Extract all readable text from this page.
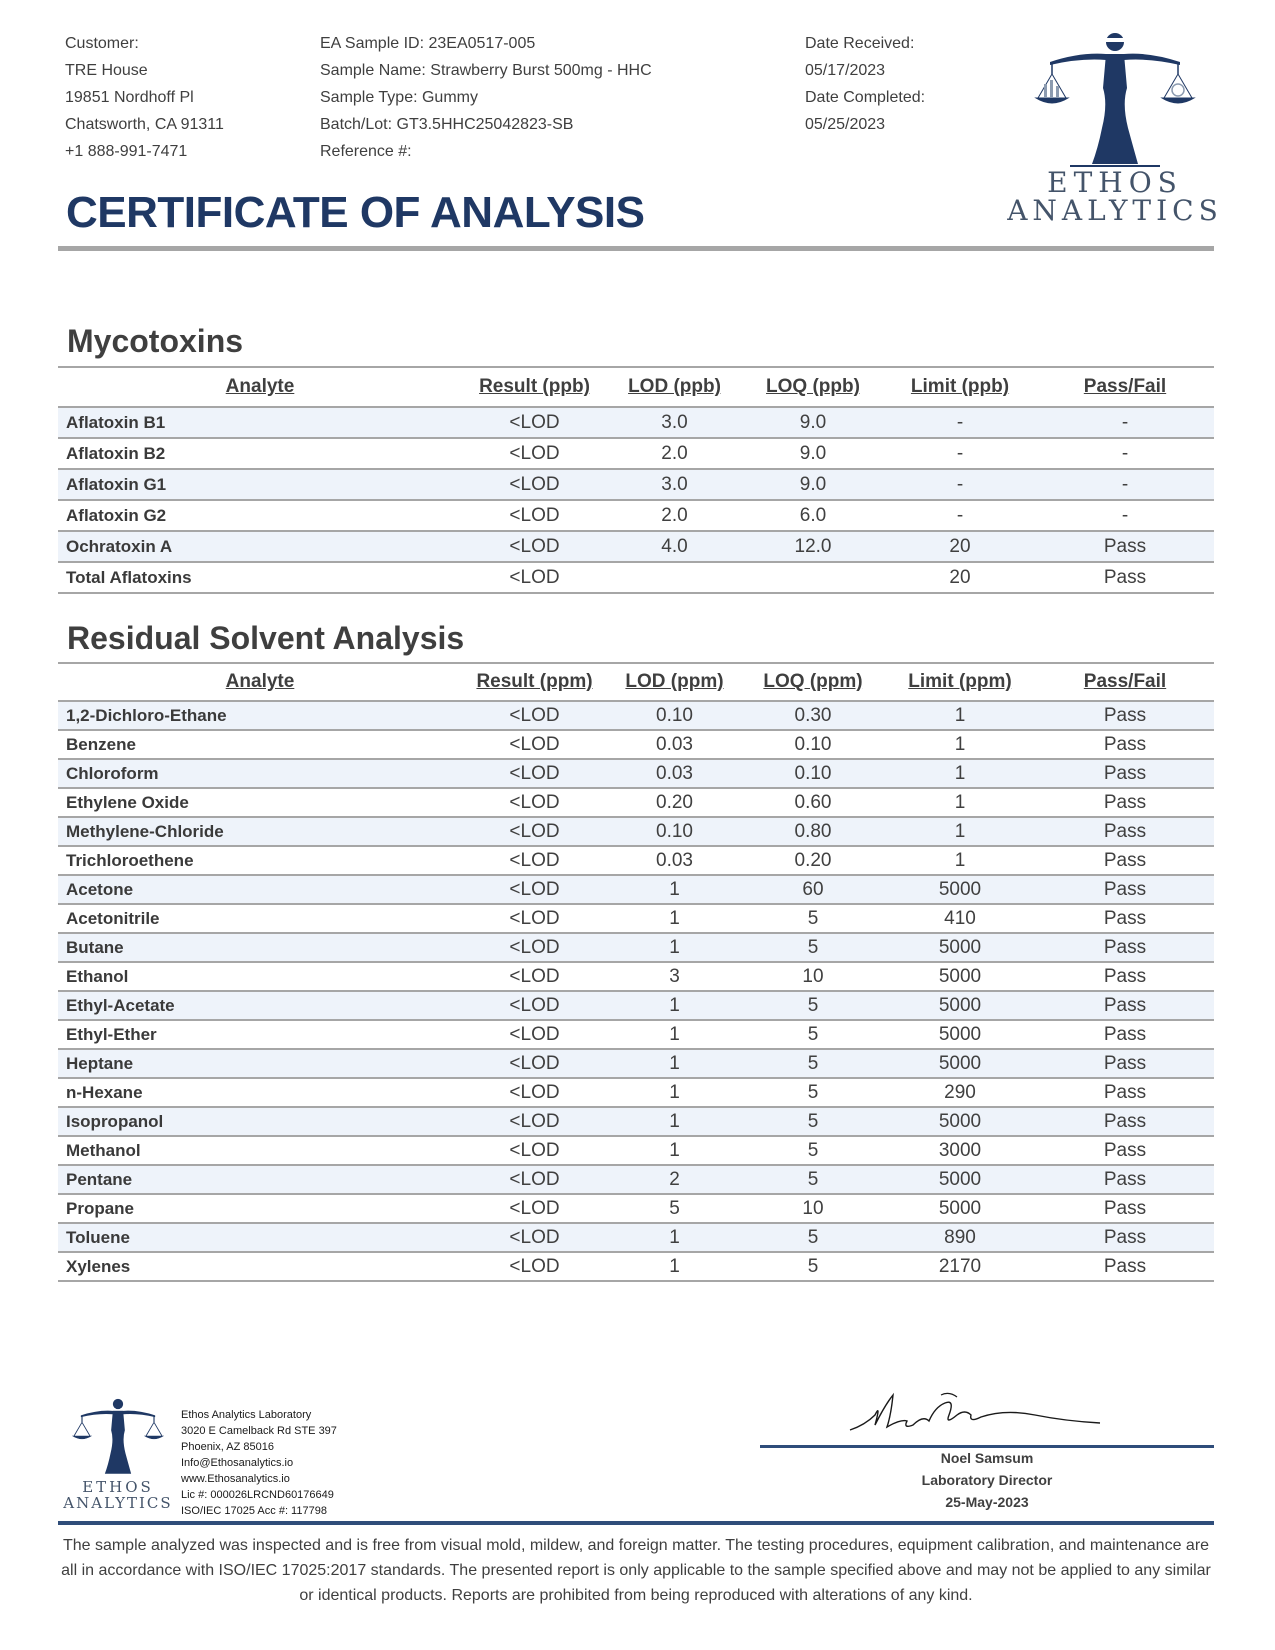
Customer:
TRE House
19851 Nordhoff Pl
Chatsworth, CA 91311
+1 888-991-7471
EA Sample ID: 23EA0517-005
Sample Name: Strawberry Burst 500mg - HHC
Sample Type: Gummy
Batch/Lot: GT3.5HHC25042823-SB
Reference #:
Date Received:
05/17/2023
Date Completed:
05/25/2023
ETHOS
ANALYTICS
CERTIFICATE OF ANALYSIS
Mycotoxins
Analyte	Result (ppb)	LOD (ppb)	LOQ (ppb)	Limit (ppb)	Pass/Fail
Aflatoxin B1	<LOD	3.0	9.0	-	-
Aflatoxin B2	<LOD	2.0	9.0	-	-
Aflatoxin G1	<LOD	3.0	9.0	-	-
Aflatoxin G2	<LOD	2.0	6.0	-	-
Ochratoxin A	<LOD	4.0	12.0	20	Pass
Total Aflatoxins	<LOD			20	Pass
Residual Solvent Analysis
Analyte	Result (ppm)	LOD (ppm)	LOQ (ppm)	Limit (ppm)	Pass/Fail
1,2-Dichloro-Ethane	<LOD	0.10	0.30	1	Pass
Benzene	<LOD	0.03	0.10	1	Pass
Chloroform	<LOD	0.03	0.10	1	Pass
Ethylene Oxide	<LOD	0.20	0.60	1	Pass
Methylene-Chloride	<LOD	0.10	0.80	1	Pass
Trichloroethene	<LOD	0.03	0.20	1	Pass
Acetone	<LOD	1	60	5000	Pass
Acetonitrile	<LOD	1	5	410	Pass
Butane	<LOD	1	5	5000	Pass
Ethanol	<LOD	3	10	5000	Pass
Ethyl-Acetate	<LOD	1	5	5000	Pass
Ethyl-Ether	<LOD	1	5	5000	Pass
Heptane	<LOD	1	5	5000	Pass
n-Hexane	<LOD	1	5	290	Pass
Isopropanol	<LOD	1	5	5000	Pass
Methanol	<LOD	1	5	3000	Pass
Pentane	<LOD	2	5	5000	Pass
Propane	<LOD	5	10	5000	Pass
Toluene	<LOD	1	5	890	Pass
Xylenes	<LOD	1	5	2170	Pass
ETHOS
ANALYTICS
Ethos Analytics Laboratory
3020 E Camelback Rd STE 397
Phoenix, AZ 85016
Info@Ethosanalytics.io
www.Ethosanalytics.io
Lic #: 000026LRCND60176649
ISO/IEC 17025 Acc #: 117798
Noel Samsum
Laboratory Director
25-May-2023
The sample analyzed was inspected and is free from visual mold, mildew, and foreign matter. The testing procedures, equipment calibration, and maintenance are all in accordance with ISO/IEC 17025:2017 standards. The presented report is only applicable to the sample specified above and may not be applied to any similar or identical products. Reports are prohibited from being reproduced with alterations of any kind.
